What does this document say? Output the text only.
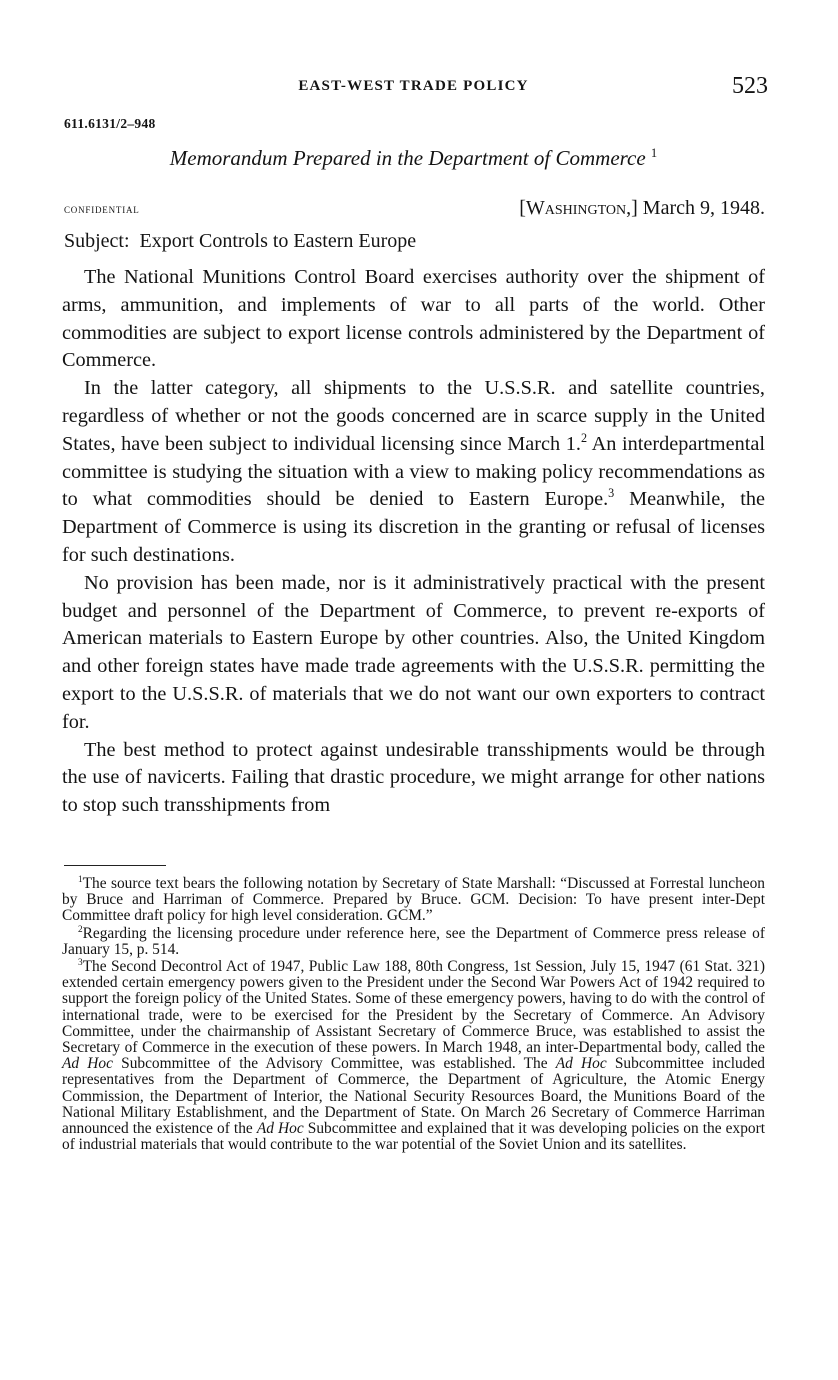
EAST-WEST TRADE POLICY	523
611.6131/2–948
Memorandum Prepared in the Department of Commerce $^1$
confidential	[Washington,] March 9, 1948.
Subject: Export Controls to Eastern Europe

The National Munitions Control Board exercises authority over the shipment of arms, ammunition, and implements of war to all parts of the world. Other commodities are subject to export license controls administered by the Department of Commerce.

In the latter category, all shipments to the U.S.S.R. and satellite countries, regardless of whether or not the goods concerned are in scarce supply in the United States, have been subject to individual licensing since March 1.$^2$ An interdepartmental committee is studying the situation with a view to making policy recommendations as to what commodities should be denied to Eastern Europe.$^3$ Meanwhile, the Department of Commerce is using its discretion in the granting or refusal of licenses for such destinations.

No provision has been made, nor is it administratively practical with the present budget and personnel of the Department of Commerce, to prevent re-exports of American materials to Eastern Europe by other countries. Also, the United Kingdom and other foreign states have made trade agreements with the U.S.S.R. permitting the export to the U.S.S.R. of materials that we do not want our own exporters to contract for.

The best method to protect against undesirable transshipments would be through the use of navicerts. Failing that drastic procedure, we might arrange for other nations to stop such transshipments from

$^1$The source text bears the following notation by Secretary of State Marshall: “Discussed at Forrestal luncheon by Bruce and Harriman of Commerce. Prepared by Bruce. GCM. Decision: To have present inter-Dept Committee draft policy for high level consideration. GCM.”

$^2$Regarding the licensing procedure under reference here, see the Department of Commerce press release of January 15, p. 514.

$^3$The Second Decontrol Act of 1947, Public Law 188, 80th Congress, 1st Session, July 15, 1947 (61 Stat. 321) extended certain emergency powers given to the President under the Second War Powers Act of 1942 required to support the foreign policy of the United States. Some of these emergency powers, having to do with the control of international trade, were to be exercised for the President by the Secretary of Commerce. An Advisory Committee, under the chairmanship of Assistant Secretary of Commerce Bruce, was established to assist the Secretary of Commerce in the execution of these powers. In March 1948, an inter-Departmental body, called the Ad Hoc Subcommittee of the Advisory Committee, was established. The Ad Hoc Subcommittee included representatives from the Department of Commerce, the Department of Agriculture, the Atomic Energy Commission, the Department of Interior, the National Security Resources Board, the Munitions Board of the National Military Establishment, and the Department of State. On March 26 Secretary of Commerce Harriman announced the existence of the Ad Hoc Subcommittee and explained that it was developing policies on the export of industrial materials that would contribute to the war potential of the Soviet Union and its satellites.
